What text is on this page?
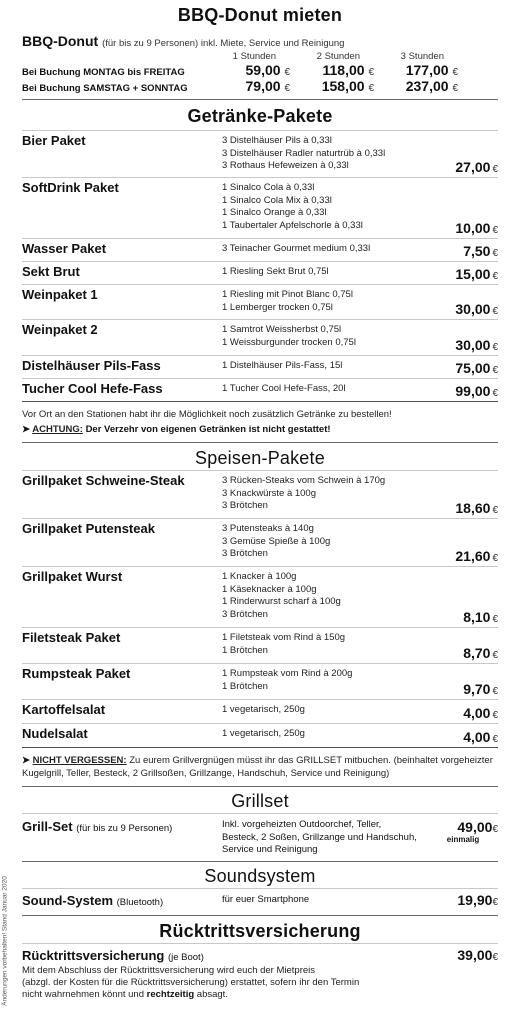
Änderungen vorbehalten! Stand Januar 2020
BBQ-Donut mieten
BBQ-Donut (für bis zu 9 Personen) inkl. Miete, Service und Reinigung
1 Stunden	2 Stunden	3 Stunden
Bei Buchung MONTAG bis FREITAG	59,00 €	118,00 €	177,00 €
Bei Buchung SAMSTAG + SONNTAG	79,00 €	158,00 €	237,00 €
Getränke-Pakete
Bier Paket	3 Distelhäuser Pils à 0,33l
3 Distelhäuser Radler naturtrüb à 0,33l
3 Rothaus Hefeweizen à 0,33l	27,00 €
SoftDrink Paket	1 Sinalco Cola à 0,33l
1 Sinalco Cola Mix à 0,33l
1 Sinalco Orange à 0,33l
1 Taubertaler Apfelschorle à 0,33l	10,00 €
Wasser Paket	3 Teinacher Gourmet medium 0,33l	7,50 €
Sekt Brut	1 Riesling Sekt Brut 0,75l	15,00 €
Weinpaket 1	1 Riesling mit Pinot Blanc 0,75l
1 Lemberger trocken 0,75l	30,00 €
Weinpaket 2	1 Samtrot Weissherbst 0,75l
1 Weissburgunder trocken 0,75l	30,00 €
Distelhäuser Pils-Fass	1 Distelhäuser Pils-Fass, 15l	75,00 €
Tucher Cool Hefe-Fass	1 Tucher Cool Hefe-Fass, 20l	99,00 €
Vor Ort an den Stationen habt ihr die Möglichkeit noch zusätzlich Getränke zu bestellen!
➤ ACHTUNG: Der Verzehr von eigenen Getränken ist nicht gestattet!
Speisen-Pakete
Grillpaket Schweine-Steak	3 Rücken-Steaks vom Schwein à 170g
3 Knackwürste à 100g
3 Brötchen	18,60 €
Grillpaket Putensteak	3 Putensteaks à 140g
3 Gemüse Spieße à 100g
3 Brötchen	21,60 €
Grillpaket Wurst	1 Knacker à 100g
1 Käseknacker à 100g
1 Rinderwurst scharf à 100g
3 Brötchen	8,10 €
Filetsteak Paket	1 Filetsteak vom Rind à 150g
1 Brötchen	8,70 €
Rumpsteak Paket	1 Rumpsteak vom Rind à 200g
1 Brötchen	9,70 €
Kartoffelsalat	1 vegetarisch, 250g	4,00 €
Nudelsalat	1 vegetarisch, 250g	4,00 €
➤ NICHT VERGESSEN: Zu eurem Grillvergnügen müsst ihr das GRILLSET mitbuchen. (beinhaltet vorgeheizter Kugelgrill, Teller, Besteck, 2 Grillsoßen, Grillzange, Handschuh, Service und Reinigung)
Grillset
Grill-Set (für bis zu 9 Personen)	Inkl. vorgeheizten Outdoorchef, Teller,
Besteck, 2 Soßen, Grillzange und Handschuh,
Service und Reinigung
49,00€
einmalig
Soundsystem
Sound-System (Bluetooth)	für euer Smartphone	19,90€
Rücktrittsversicherung
Rücktrittsversicherung (je Boot)	39,00€
Mit dem Abschluss der Rücktrittsversicherung wird euch der Mietpreis
(abzgl. der Kosten für die Rücktrittsversicherung) erstattet, sofern ihr den Termin
nicht wahrnehmen könnt und rechtzeitig absagt.
